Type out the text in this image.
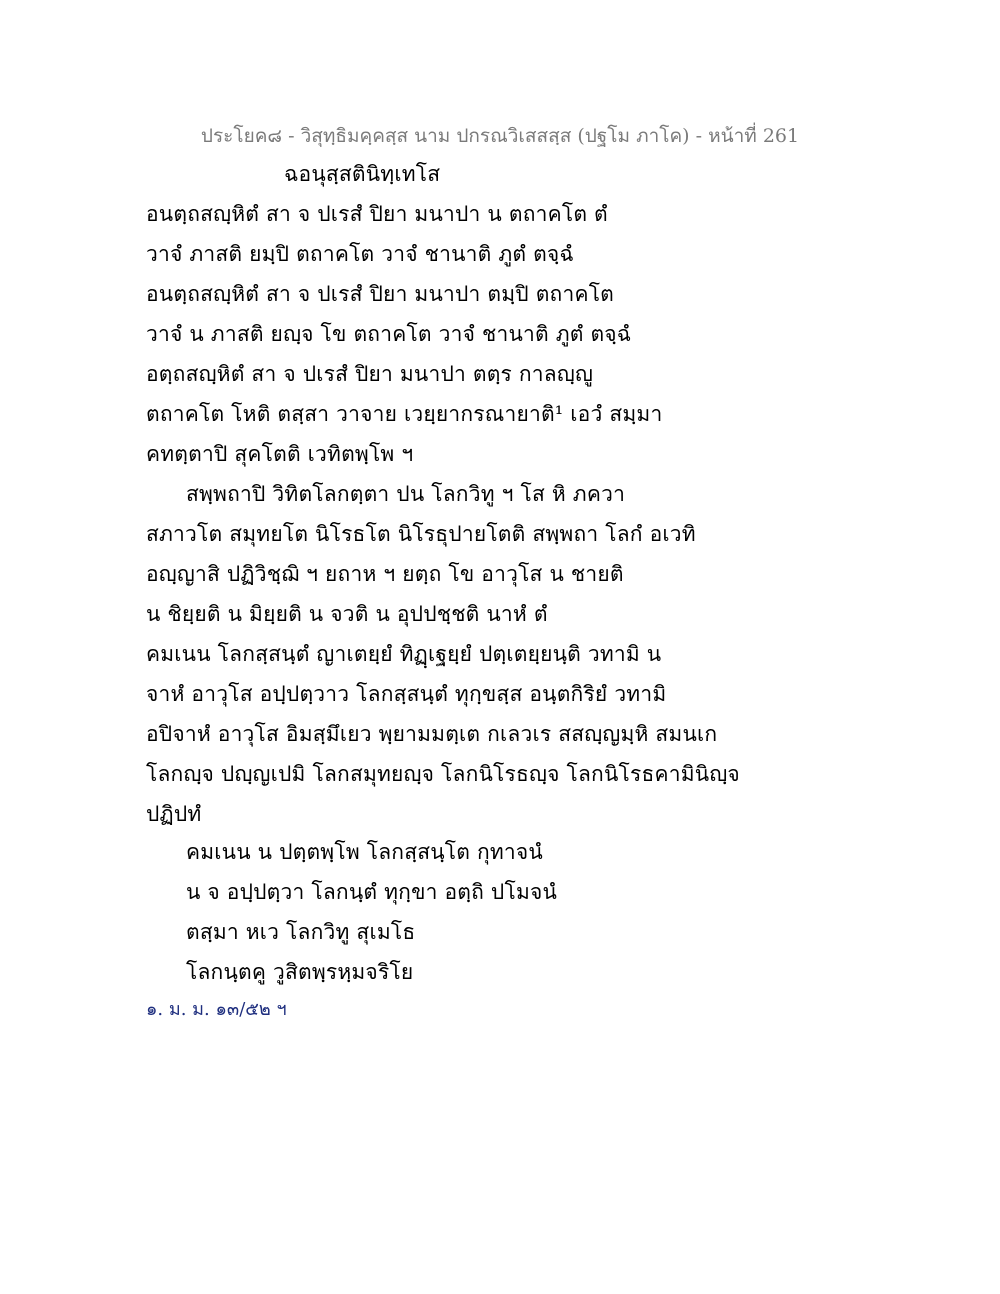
ประโยค๘ - วิสุทฺธิมคฺคสฺส นาม ปกรณวิเสสสฺส (ปฐโม ภาโค) - หน้าที่ 261
ฉอนุสฺสตินิทฺเทโส
อนตฺถสญฺหิตํ สา จ ปเรสํ ปิยา มนาปา น ตถาคโต ตํ
วาจํ ภาสติ ยมฺปิ ตถาคโต วาจํ ชานาติ ภูตํ ตจฺฉํ
อนตฺถสญฺหิตํ สา จ ปเรสํ ปิยา มนาปา ตมฺปิ ตถาคโต
วาจํ น ภาสติ ยญฺจ โข ตถาคโต วาจํ ชานาติ ภูตํ ตจฺฉํ
อตฺถสญฺหิตํ สา จ ปเรสํ ปิยา มนาปา ตตฺร กาลญฺญู
ตถาคโต โหติ ตสฺสา วาจาย เวยฺยากรณายาติ¹ เอวํ สมฺมา
คทตฺตาปิ สุคโตติ เวทิตพฺโพ ฯ
สพฺพถาปิ วิทิตโลกตฺตา ปน โลกวิทู ฯ โส หิ ภควา
สภาวโต สมุทยโต นิโรธโต นิโรธุปายโตติ สพฺพถา โลกํ อเวทิ
อญฺญาสิ ปฏิวิชฺฌิ ฯ ยถาห ฯ ยตฺถ โข อาวุโส น ชายติ
น ชิยฺยติ น มิยฺยติ น จวติ น อุปปชฺชติ นาหํ ตํ
คมเนน โลกสฺสนฺตํ ญาเตยฺยํ ทิฏฺเฐยฺยํ ปตฺเตยฺยนฺติ วทามิ น
จาหํ อาวุโส อปฺปตฺวาว โลกสฺสนฺตํ ทุกฺขสฺส อนฺตกิริยํ วทามิ
อปิจาหํ อาวุโส อิมสฺมึเยว พฺยามมตฺเต กเลวเร สสญฺญมฺหิ สมนเก
โลกญฺจ ปญฺญเปมิ โลกสมุทยญฺจ โลกนิโรธญฺจ โลกนิโรธคามินิญฺจ
ปฏิปทํ
คมเนน น ปตฺตพฺโพ โลกสฺสนฺโต กุทาจนํ
น จ อปฺปตฺวา โลกนฺตํ ทุกฺขา อตฺถิ ปโมจนํ
ตสฺมา หเว โลกวิทู สุเมโธ
โลกนฺตคู วูสิตพฺรหฺมจริโย
๑. ม. ม. ๑๓/๕๒ ฯ
